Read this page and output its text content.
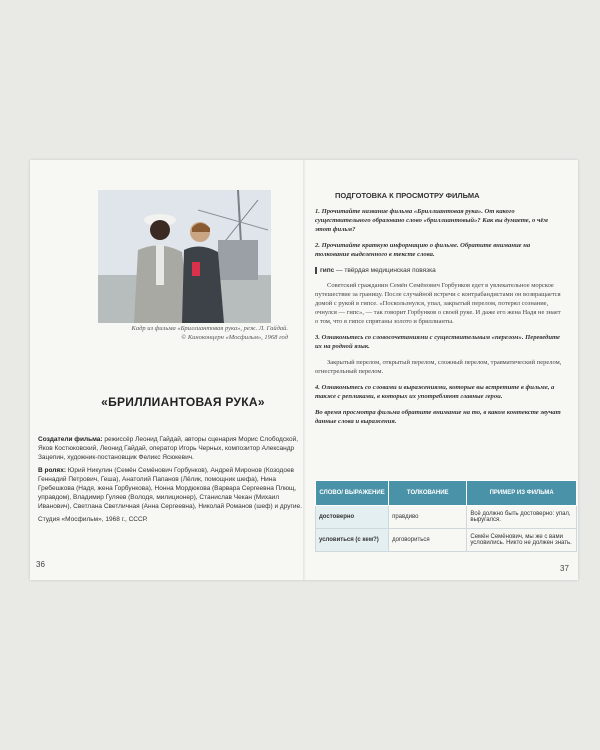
Кадр из фильма «Бриллиантовая рука», реж. Л. Гайдай.
© Киноконцерн «Мосфильм», 1968 год
«БРИЛЛИАНТОВАЯ РУКА»

Создатели фильма: режиссёр Леонид Гайдай, авторы сценария Морис Слободской, Яков Костюковский, Леонид Гайдай, оператор Игорь Черных, композитор Александр Зацепин, художник-постановщик Феликс Ясюкевич.

В ролях: Юрий Никулин (Семён Семёнович Горбунков), Андрей Миронов (Козодоев Геннадий Петрович, Геша), Анатолий Папанов (Лёлик, помощник шефа), Нина Гребешкова (Надя, жена Горбункова), Нонна Мордюкова (Варвара Сергеевна Плющ, управдом), Владимир Гуляев (Володя, милиционер), Станислав Чекан (Михаил Иванович), Светлана Светличная (Анна Сергеевна), Николай Романов (шеф) и другие.

Студия «Мосфильм», 1968 г., СССР.

36
ПОДГОТОВКА К ПРОСМОТРУ ФИЛЬМА

1. Прочитайте название фильма «Бриллиантовая рука». От какого существительного образовано слово «бриллиантовый»? Как вы думаете, о чём этот фильм?

2. Прочитайте краткую информацию о фильме. Обратите внимание на толкование выделенного в тексте слова.

гипс — твёрдая медицинская повязка

Советский гражданин Семён Семёнович Горбунков едет в увлекательное морское путешествие за границу. После случайной встречи с контрабандистами он возвращается домой с рукой в гипсе. «Поскользнулся, упал, закрытый перелом, потерял сознание, очнулся — гипс», — так говорит Горбунков о своей руке. И даже его жена Надя не знает о том, что в гипсе спрятаны золото и бриллианты.

3. Ознакомьтесь со словосочетаниями с существительным «перелом». Переведите их на родной язык.

Закрытый перелом, открытый перелом, сложный перелом, травматический перелом, огнестрельный перелом.

4. Ознакомьтесь со словами и выражениями, которые вы встретите в фильме, а также с репликами, в которых их употребляют главные герои.

Во время просмотра фильма обратите внимание на то, в каком контексте звучат данные слова и выражения.

СЛОВО/ ВЫРАЖЕНИЕ	ТОЛКОВАНИЕ	ПРИМЕР ИЗ ФИЛЬМА
достоверно	правдиво	Всё должно быть достоверно: упал, выругался.
условиться (с кем?)	договориться	Семён Семёнович, мы же с вами условились. Никто не должен знать.
37
